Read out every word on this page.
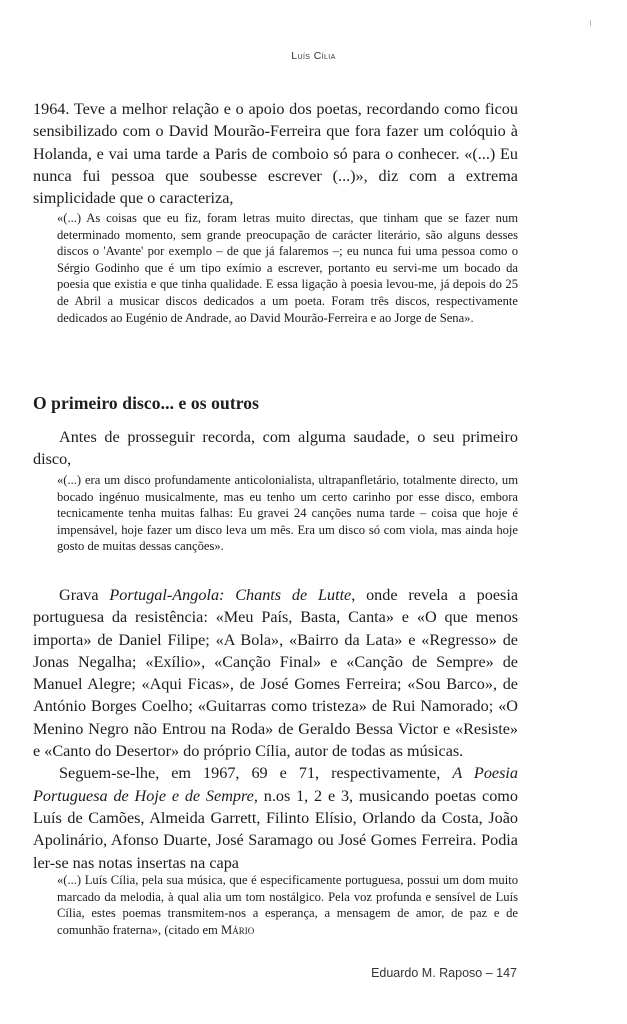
Luís Cília

1964. Teve a melhor relação e o apoio dos poetas, recordando como ficou sensibilizado com o David Mourão-Ferreira que fora fazer um colóquio à Holanda, e vai uma tarde a Paris de comboio só para o conhecer. «(...) Eu nunca fui pessoa que soubesse escrever (...)», diz com a extrema simplicidade que o caracteriza,

«(...) As coisas que eu fiz, foram letras muito directas, que tinham que se fazer num determinado momento, sem grande preocupação de carácter literário, são alguns desses discos o 'Avante' por exemplo – de que já falaremos –; eu nunca fui uma pessoa como o Sérgio Godinho que é um tipo exímio a escrever, portanto eu servi-me um bocado da poesia que existia e que tinha qualidade. E essa ligação à poesia levou-me, já depois do 25 de Abril a musicar discos dedicados a um poeta. Foram três discos, respectivamente dedicados ao Eugénio de Andrade, ao David Mourão-Ferreira e ao Jorge de Sena».

O primeiro disco... e os outros

Antes de prosseguir recorda, com alguma saudade, o seu primeiro disco,

«(...) era um disco profundamente anticolonialista, ultrapanfletário, totalmente directo, um bocado ingénuo musicalmente, mas eu tenho um certo carinho por esse disco, embora tecnicamente tenha muitas falhas: Eu gravei 24 canções numa tarde – coisa que hoje é impensável, hoje fazer um disco leva um mês. Era um disco só com viola, mas ainda hoje gosto de muitas dessas canções».

Grava Portugal-Angola: Chants de Lutte, onde revela a poesia portuguesa da resistência: «Meu País, Basta, Canta» e «O que menos importa» de Daniel Filipe; «A Bola», «Bairro da Lata» e «Regresso» de Jonas Negalha; «Exílio», «Canção Final» e «Canção de Sempre» de Manuel Alegre; «Aqui Ficas», de José Gomes Ferreira; «Sou Barco», de António Borges Coelho; «Guitarras como tristeza» de Rui Namorado; «O Menino Negro não Entrou na Roda» de Geraldo Bessa Victor e «Resiste» e «Canto do Desertor» do próprio Cília, autor de todas as músicas.

Seguem-se-lhe, em 1967, 69 e 71, respectivamente, A Poesia Portuguesa de Hoje e de Sempre, n.os 1, 2 e 3, musicando poetas como Luís de Camões, Almeida Garrett, Filinto Elísio, Orlando da Costa, João Apolinário, Afonso Duarte, José Saramago ou José Gomes Ferreira. Podia ler-se nas notas insertas na capa

«(...) Luís Cília, pela sua música, que é especificamente portuguesa, possui um dom muito marcado da melodia, à qual alia um tom nostálgico. Pela voz profunda e sensível de Luís Cília, estes poemas transmitem-nos a esperança, a mensagem de amor, de paz e de comunhão fraterna», (citado em Mário

Eduardo M. Raposo – 147
